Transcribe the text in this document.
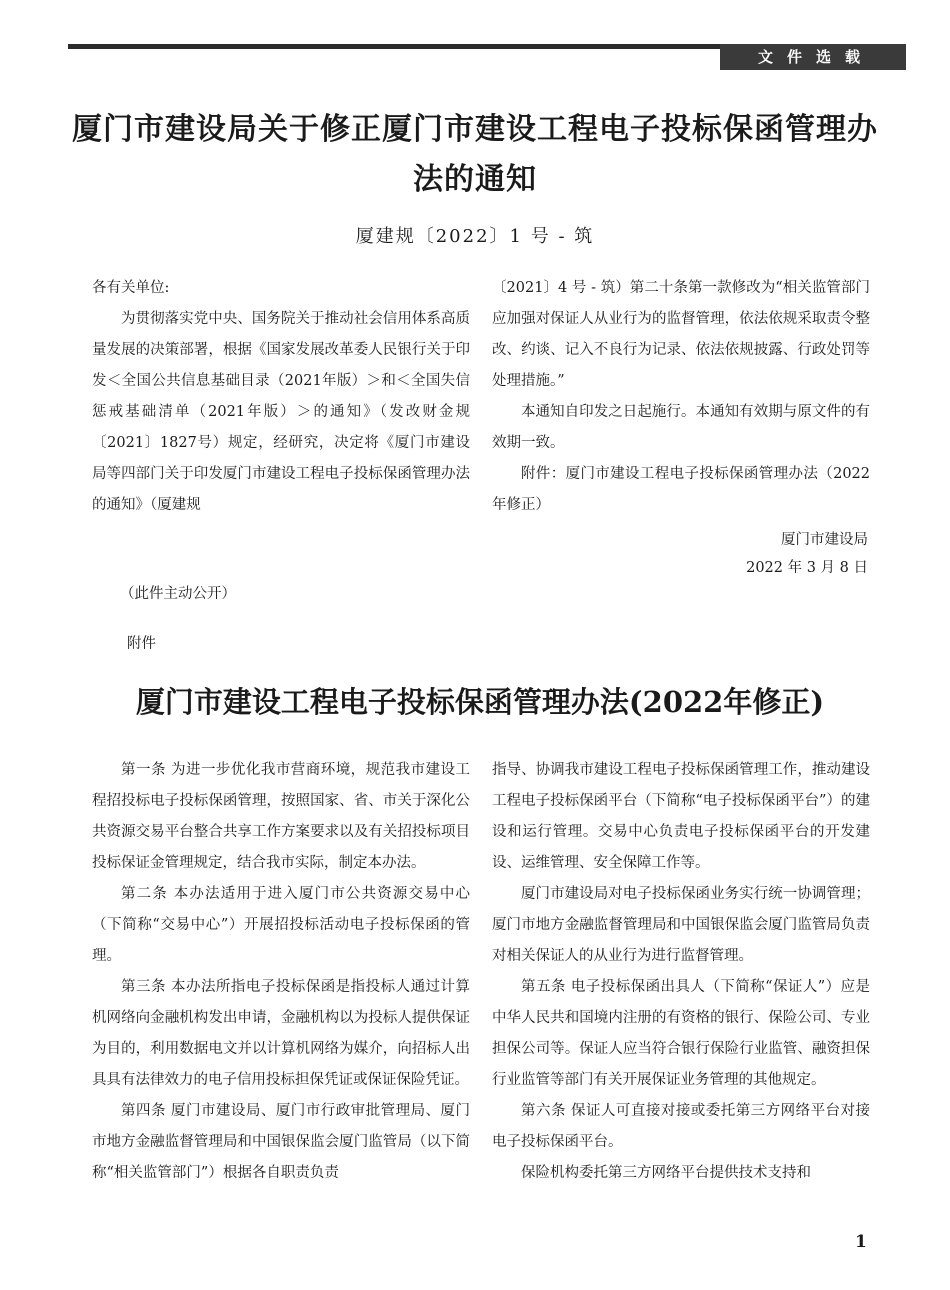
文件选载
厦门市建设局关于修正厦门市建设工程电子投标保函管理办法的通知
厦建规〔2022〕1 号 - 筑

各有关单位:

为贯彻落实党中央、国务院关于推动社会信用体系高质量发展的决策部署，根据《国家发展改革委人民银行关于印发＜全国公共信息基础目录（2021年版）＞和＜全国失信惩戒基础清单（2021年版）＞的通知》（发改财金规〔2021〕1827号）规定，经研究，决定将《厦门市建设局等四部门关于印发厦门市建设工程电子投标保函管理办法的通知》（厦建规

〔2021〕4 号 - 筑）第二十条第一款修改为“相关监管部门应加强对保证人从业行为的监督管理，依法依规采取责令整改、约谈、记入不良行为记录、依法依规披露、行政处罚等处理措施。”

本通知自印发之日起施行。本通知有效期与原文件的有效期一致。

附件：厦门市建设工程电子投标保函管理办法（2022 年修正）

厦门市建设局
2022 年 3 月 8 日
（此件主动公开）
附件
厦门市建设工程电子投标保函管理办法(2022年修正)

第一条 为进一步优化我市营商环境，规范我市建设工程招投标电子投标保函管理，按照国家、省、市关于深化公共资源交易平台整合共享工作方案要求以及有关招投标项目投标保证金管理规定，结合我市实际，制定本办法。

第二条 本办法适用于进入厦门市公共资源交易中心（下简称“交易中心”）开展招投标活动电子投标保函的管理。

第三条 本办法所指电子投标保函是指投标人通过计算机网络向金融机构发出申请，金融机构以为投标人提供保证为目的，利用数据电文并以计算机网络为媒介，向招标人出具具有法律效力的电子信用投标担保凭证或保证保险凭证。

第四条 厦门市建设局、厦门市行政审批管理局、厦门市地方金融监督管理局和中国银保监会厦门监管局（以下简称“相关监管部门”）根据各自职责负责

指导、协调我市建设工程电子投标保函管理工作，推动建设工程电子投标保函平台（下简称“电子投标保函平台”）的建设和运行管理。交易中心负责电子投标保函平台的开发建设、运维管理、安全保障工作等。

厦门市建设局对电子投标保函业务实行统一协调管理；厦门市地方金融监督管理局和中国银保监会厦门监管局负责对相关保证人的从业行为进行监督管理。

第五条 电子投标保函出具人（下简称“保证人”）应是中华人民共和国境内注册的有资格的银行、保险公司、专业担保公司等。保证人应当符合银行保险行业监管、融资担保行业监管等部门有关开展保证业务管理的其他规定。

第六条 保证人可直接对接或委托第三方网络平台对接电子投标保函平台。

保险机构委托第三方网络平台提供技术支持和

1
